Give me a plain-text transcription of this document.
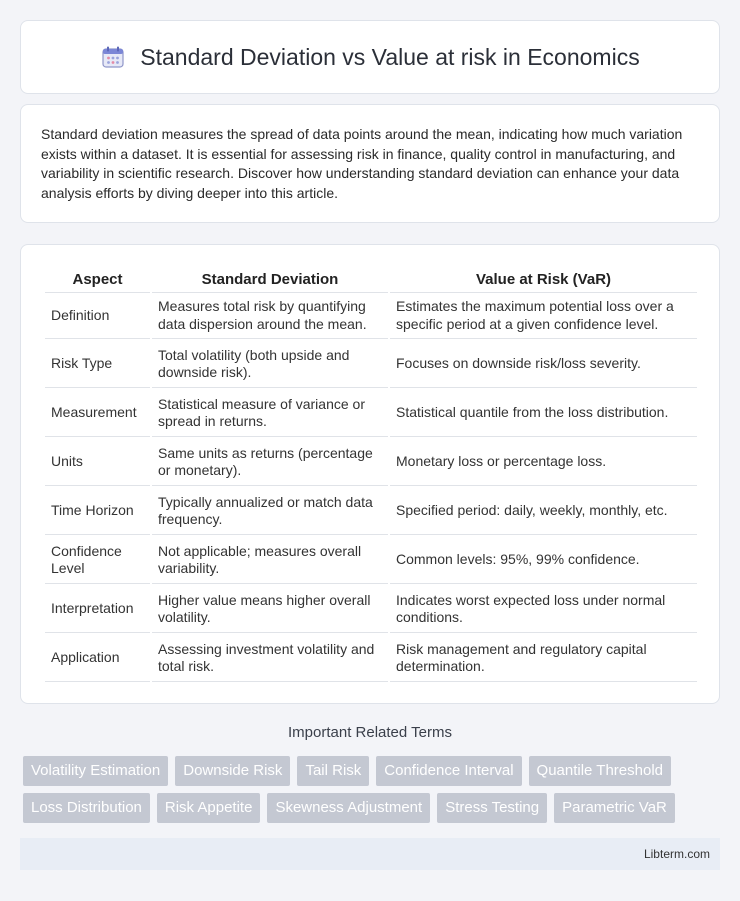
Standard Deviation vs Value at risk in Economics

Standard deviation measures the spread of data points around the mean, indicating how much variation exists within a dataset. It is essential for assessing risk in finance, quality control in manufacturing, and variability in scientific research. Discover how understanding standard deviation can enhance your data analysis efforts by diving deeper into this article.

Aspect	Standard Deviation	Value at Risk (VaR)
Definition	Measures total risk by quantifying data dispersion around the mean.	Estimates the maximum potential loss over a specific period at a given confidence level.
Risk Type	Total volatility (both upside and downside risk).	Focuses on downside risk/loss severity.
Measurement	Statistical measure of variance or spread in returns.	Statistical quantile from the loss distribution.
Units	Same units as returns (percentage or monetary).	Monetary loss or percentage loss.
Time Horizon	Typically annualized or match data frequency.	Specified period: daily, weekly, monthly, etc.
Confidence Level	Not applicable; measures overall variability.	Common levels: 95%, 99% confidence.
Interpretation	Higher value means higher overall volatility.	Indicates worst expected loss under normal conditions.
Application	Assessing investment volatility and total risk.	Risk management and regulatory capital determination.
Important Related Terms
Volatility Estimation	Downside Risk	Tail Risk	Confidence Interval	Quantile Threshold
Loss Distribution	Risk Appetite	Skewness Adjustment	Stress Testing	Parametric VaR
Libterm.com
